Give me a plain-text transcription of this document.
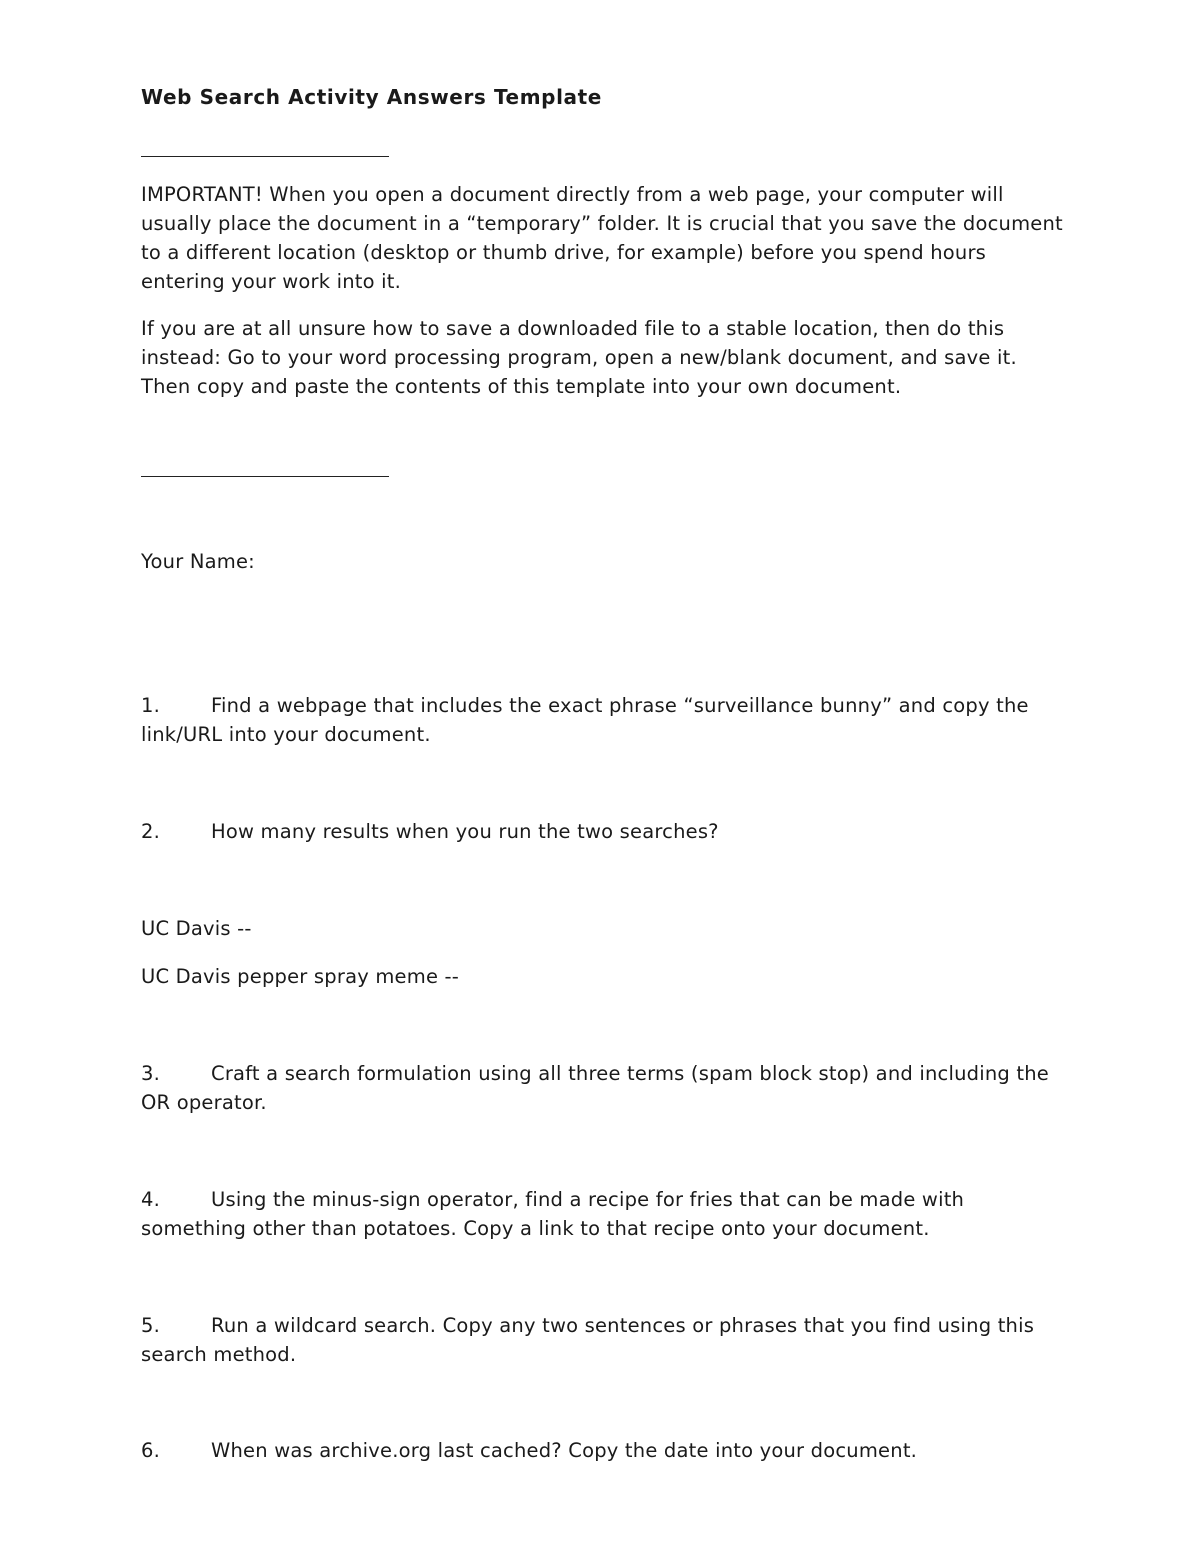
Web Search Activity Answers Template

IMPORTANT! When you open a document directly from a web page, your computer will usually place the document in a “temporary” folder. It is crucial that you save the document to a different location (desktop or thumb drive, for example) before you spend hours entering your work into it.

If you are at all unsure how to save a downloaded file to a stable location, then do this instead: Go to your word processing program, open a new/blank document, and save it. Then copy and paste the contents of this template into your own document.

Your Name:

1.	Find a webpage that includes the exact phrase “surveillance bunny” and copy the link/URL into your document.

2.	How many results when you run the two searches?

UC Davis --

UC Davis pepper spray meme --

3.	Craft a search formulation using all three terms (spam block stop) and including the OR operator.

4.	Using the minus-sign operator, find a recipe for fries that can be made with something other than potatoes. Copy a link to that recipe onto your document.

5.	Run a wildcard search. Copy any two sentences or phrases that you find using this search method.

6.	When was archive.org last cached? Copy the date into your document.
